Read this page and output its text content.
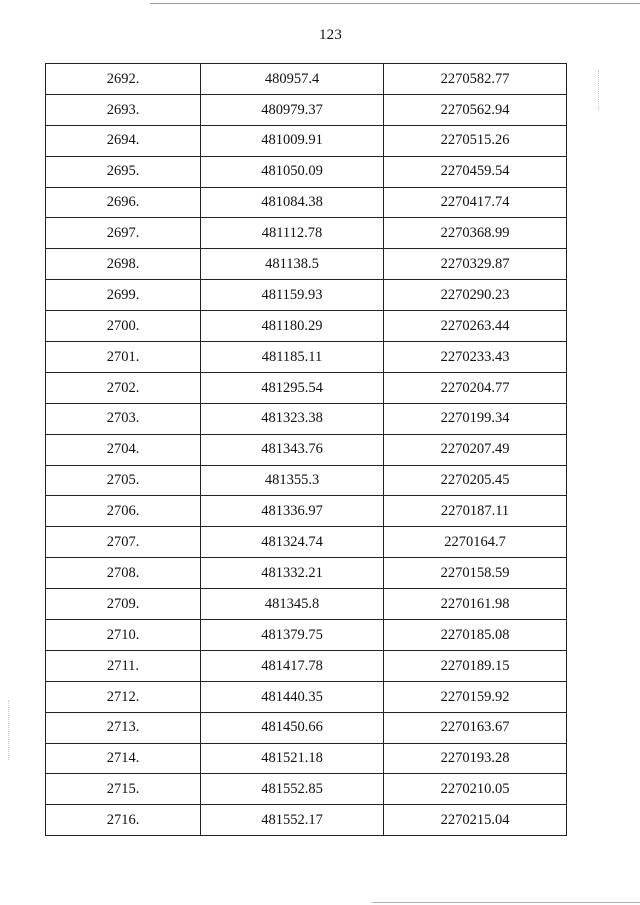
123
2692.	480957.4	2270582.77
2693.	480979.37	2270562.94
2694.	481009.91	2270515.26
2695.	481050.09	2270459.54
2696.	481084.38	2270417.74
2697.	481112.78	2270368.99
2698.	481138.5	2270329.87
2699.	481159.93	2270290.23
2700.	481180.29	2270263.44
2701.	481185.11	2270233.43
2702.	481295.54	2270204.77
2703.	481323.38	2270199.34
2704.	481343.76	2270207.49
2705.	481355.3	2270205.45
2706.	481336.97	2270187.11
2707.	481324.74	2270164.7
2708.	481332.21	2270158.59
2709.	481345.8	2270161.98
2710.	481379.75	2270185.08
2711.	481417.78	2270189.15
2712.	481440.35	2270159.92
2713.	481450.66	2270163.67
2714.	481521.18	2270193.28
2715.	481552.85	2270210.05
2716.	481552.17	2270215.04
